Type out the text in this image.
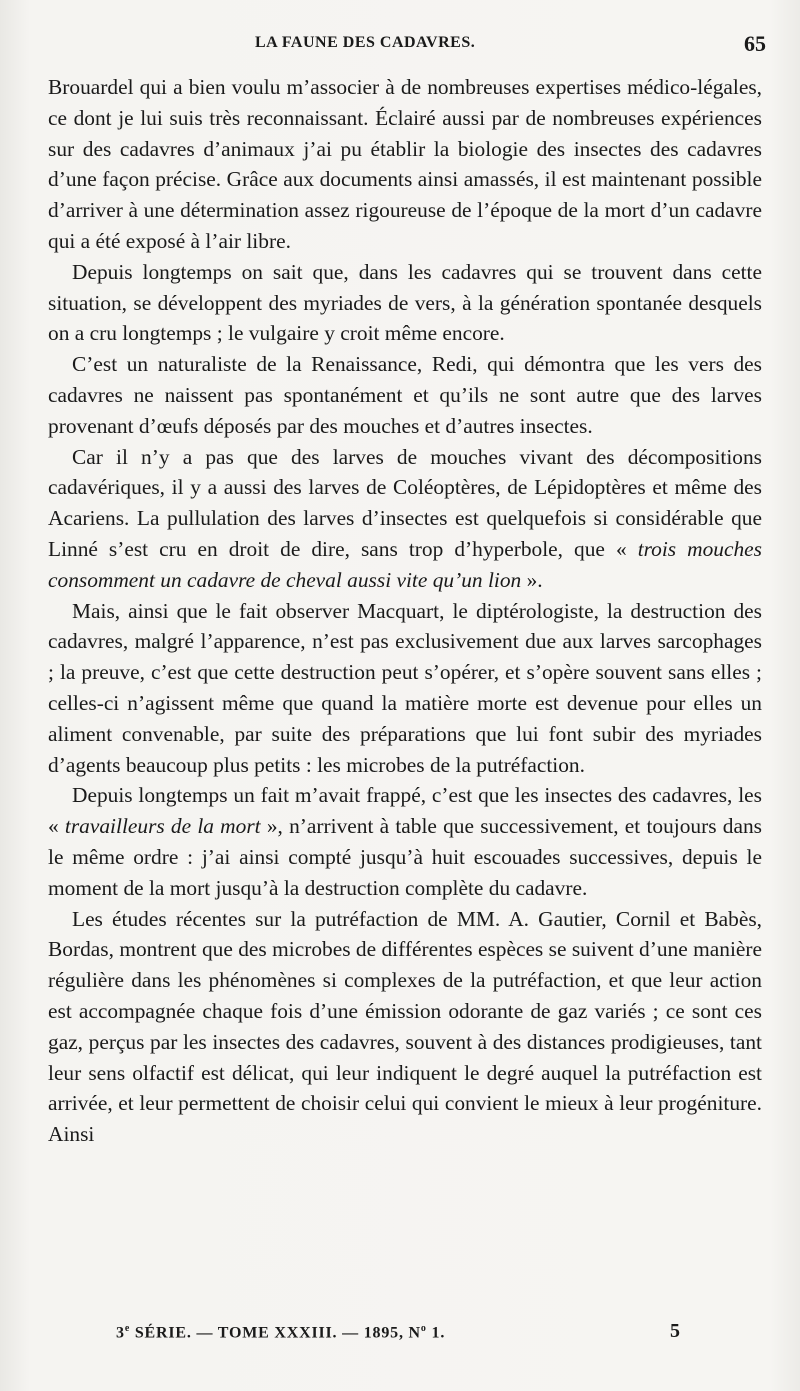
LA FAUNE DES CADAVRES.	65

Brouardel qui a bien voulu m’associer à de nombreuses expertises médico-légales, ce dont je lui suis très reconnaissant. Éclairé aussi par de nombreuses expériences sur des cadavres d’animaux j’ai pu établir la biologie des insectes des cadavres d’une façon précise. Grâce aux documents ainsi amassés, il est maintenant possible d’arriver à une détermination assez rigoureuse de l’époque de la mort d’un cadavre qui a été exposé à l’air libre.

Depuis longtemps on sait que, dans les cadavres qui se trouvent dans cette situation, se développent des myriades de vers, à la génération spontanée desquels on a cru longtemps ; le vulgaire y croit même encore.

C’est un naturaliste de la Renaissance, Redi, qui démontra que les vers des cadavres ne naissent pas spontanément et qu’ils ne sont autre que des larves provenant d’œufs déposés par des mouches et d’autres insectes.

Car il n’y a pas que des larves de mouches vivant des décompositions cadavériques, il y a aussi des larves de Coléoptères, de Lépidoptères et même des Acariens. La pullulation des larves d’insectes est quelquefois si considérable que Linné s’est cru en droit de dire, sans trop d’hyperbole, que « trois mouches consomment un cadavre de cheval aussi vite qu’un lion ».

Mais, ainsi que le fait observer Macquart, le diptérologiste, la destruction des cadavres, malgré l’apparence, n’est pas exclusivement due aux larves sarcophages ; la preuve, c’est que cette destruction peut s’opérer, et s’opère souvent sans elles ; celles-ci n’agissent même que quand la matière morte est devenue pour elles un aliment convenable, par suite des préparations que lui font subir des myriades d’agents beaucoup plus petits : les microbes de la putréfaction.

Depuis longtemps un fait m’avait frappé, c’est que les insectes des cadavres, les « travailleurs de la mort », n’arrivent à table que successivement, et toujours dans le même ordre : j’ai ainsi compté jusqu’à huit escouades successives, depuis le moment de la mort jusqu’à la destruction complète du cadavre.

Les études récentes sur la putréfaction de MM. A. Gautier, Cornil et Babès, Bordas, montrent que des microbes de différentes espèces se suivent d’une manière régulière dans les phénomènes si complexes de la putréfaction, et que leur action est accompagnée chaque fois d’une émission odorante de gaz variés ; ce sont ces gaz, perçus par les insectes des cadavres, souvent à des distances prodigieuses, tant leur sens olfactif est délicat, qui leur indiquent le degré auquel la putréfaction est arrivée, et leur permettent de choisir celui qui convient le mieux à leur progéniture. Ainsi

3e SÉRIE. — TOME XXXIII. — 1895, $N^o$ 1.	5
